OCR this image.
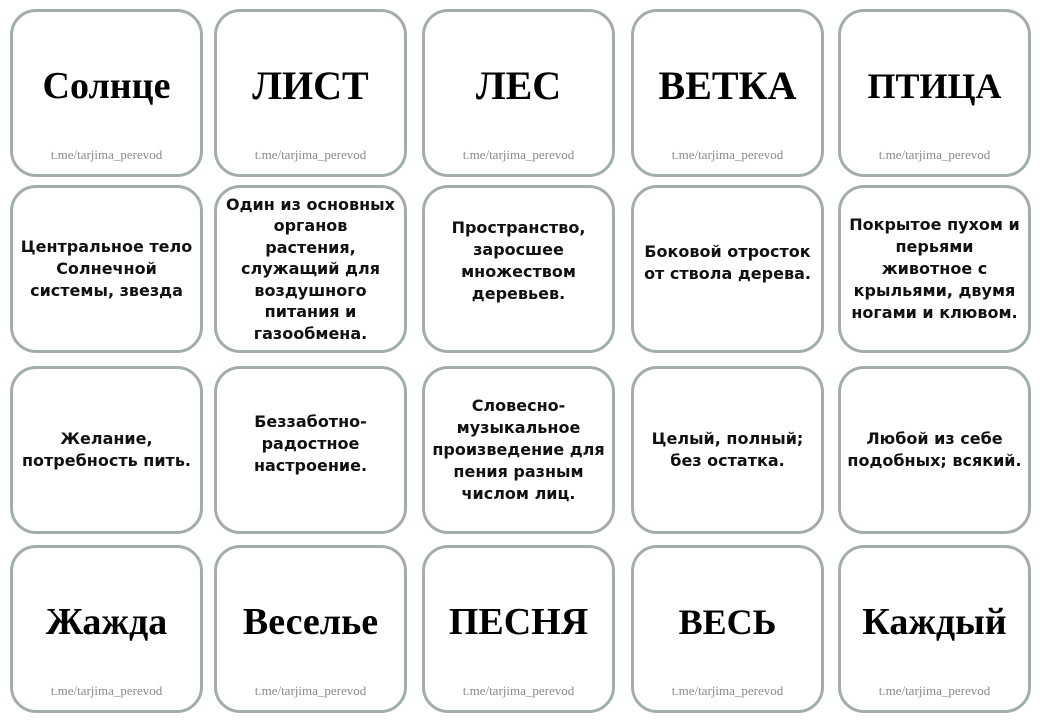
Солнце
t.me/tarjima_perevod
ЛИСТ
t.me/tarjima_perevod
ЛЕС
t.me/tarjima_perevod
ВЕТКА
t.me/tarjima_perevod
ПТИЦА
t.me/tarjima_perevod
Центральное тело
Солнечной
системы, звезда
Один из основных
органов
растения,
служащий для
воздушного
питания и
газообмена.
Пространство,
заросшее
множеством
деревьев.
Боковой отросток
от ствола дерева.
Покрытое пухом и
перьями
животное с
крыльями, двумя
ногами и клювом.
Желание,
потребность пить.
Беззаботно-
радостное
настроение.
Словесно-
музыкальное
произведение для
пения разным
числом лиц.
Целый, полный;
без остатка.
Любой из себе
подобных; всякий.
Жажда
t.me/tarjima_perevod
Веселье
t.me/tarjima_perevod
ПЕСНЯ
t.me/tarjima_perevod
ВЕСЬ
t.me/tarjima_perevod
Каждый
t.me/tarjima_perevod
